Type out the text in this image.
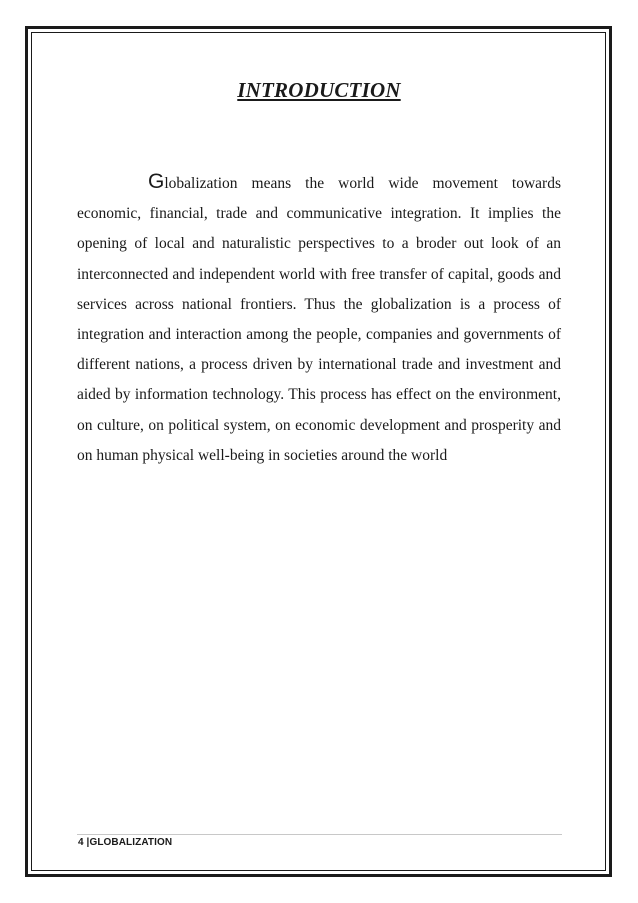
INTRODUCTION
Globalization means the world wide movement towards economic, financial, trade and communicative integration. It implies the opening of local and naturalistic perspectives to a broder out look of an interconnected and independent world with free transfer of capital, goods and services across national frontiers. Thus the globalization is a process of integration and interaction among the people, companies and governments of different nations, a process driven by international trade and investment and aided by information technology. This process has effect on the environment, on culture, on political system, on economic development and prosperity and on human physical well-being in societies around the world
4 |GLOBALIZATION
